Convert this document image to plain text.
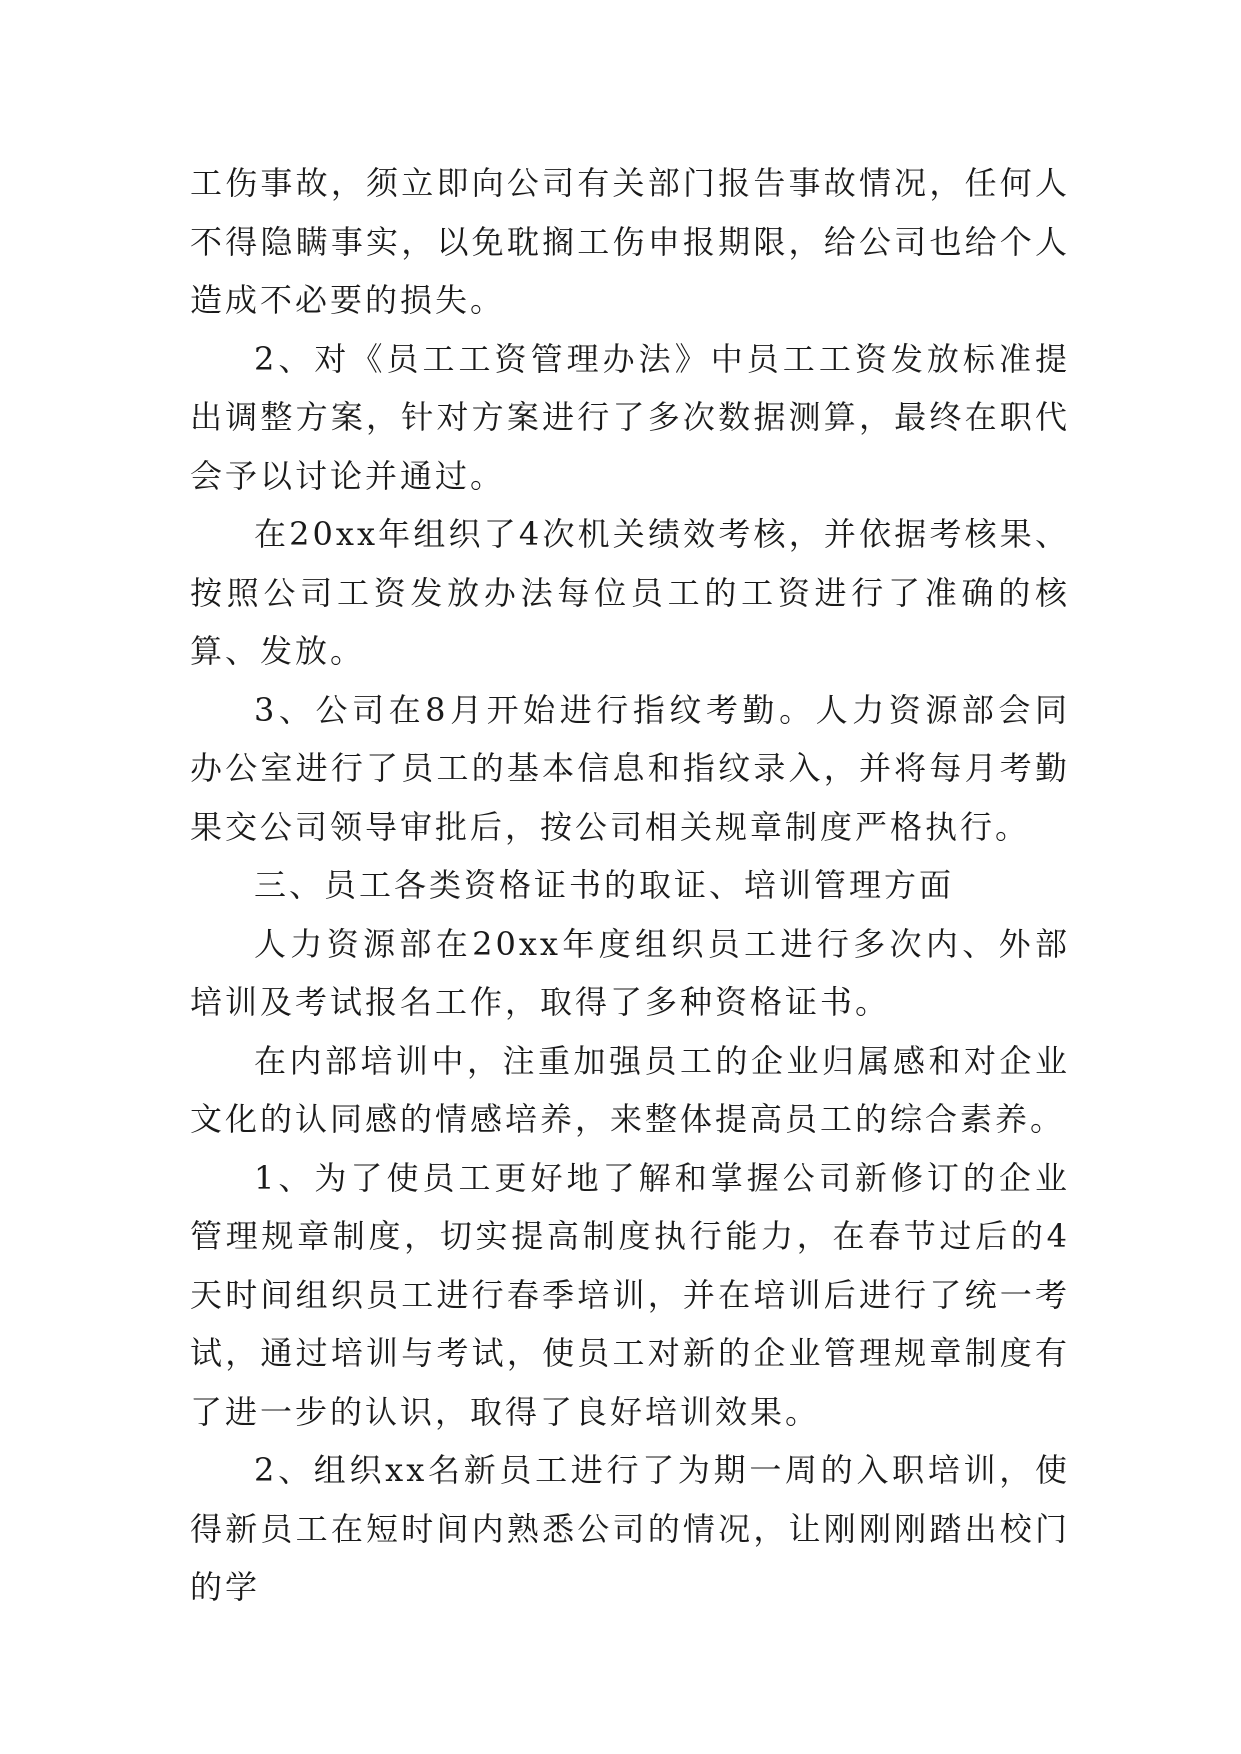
工伤事故，须立即向公司有关部门报告事故情况，任何人不得隐瞒事实，以免耽搁工伤申报期限，给公司也给个人造成不必要的损失。

2、对《员工工资管理办法》中员工工资发放标准提出调整方案，针对方案进行了多次数据测算，最终在职代会予以讨论并通过。

在20xx年组织了4次机关绩效考核，并依据考核果、按照公司工资发放办法每位员工的工资进行了准确的核算、发放。

3、公司在8月开始进行指纹考勤。人力资源部会同办公室进行了员工的基本信息和指纹录入，并将每月考勤果交公司领导审批后，按公司相关规章制度严格执行。

三、员工各类资格证书的取证、培训管理方面

人力资源部在20xx年度组织员工进行多次内、外部培训及考试报名工作，取得了多种资格证书。

在内部培训中，注重加强员工的企业归属感和对企业文化的认同感的情感培养，来整体提高员工的综合素养。

1、为了使员工更好地了解和掌握公司新修订的企业管理规章制度，切实提高制度执行能力，在春节过后的4天时间组织员工进行春季培训，并在培训后进行了统一考试，通过培训与考试，使员工对新的企业管理规章制度有了进一步的认识，取得了良好培训效果。

2、组织xx名新员工进行了为期一周的入职培训，使得新员工在短时间内熟悉公司的情况，让刚刚刚踏出校门的学
